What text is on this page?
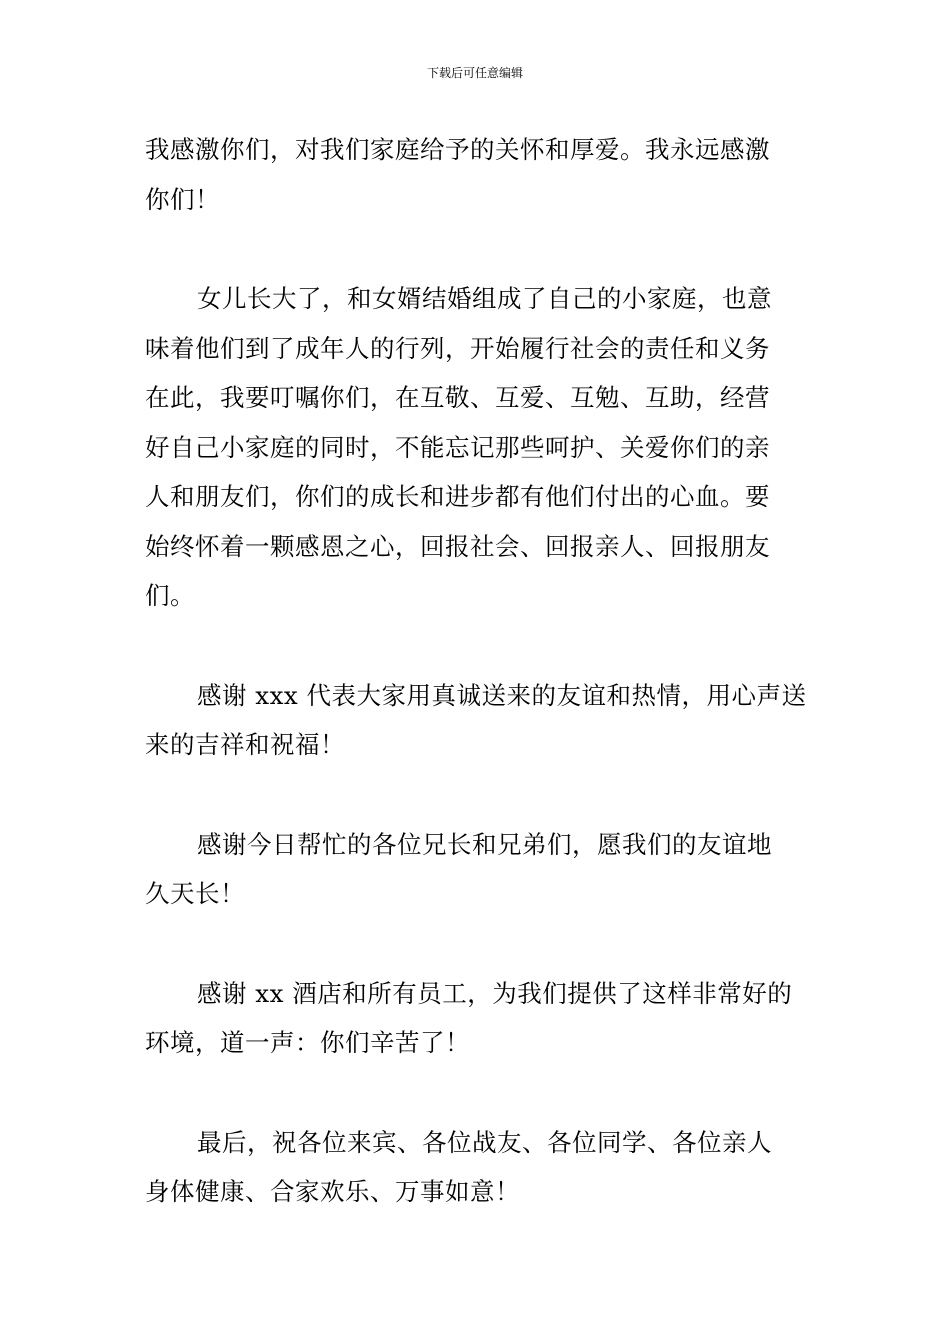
下载后可任意编辑

我感激你们，对我们家庭给予的关怀和厚爱。我永远感激
你们！

女儿长大了，和女婿结婚组成了自己的小家庭，也意
味着他们到了成年人的行列，开始履行社会的责任和义务
在此，我要叮嘱你们，在互敬、互爱、互勉、互助，经营
好自己小家庭的同时，不能忘记那些呵护、关爱你们的亲
人和朋友们，你们的成长和进步都有他们付出的心血。要
始终怀着一颗感恩之心，回报社会、回报亲人、回报朋友
们。

感谢 xxx 代表大家用真诚送来的友谊和热情，用心声送
来的吉祥和祝福！

感谢今日帮忙的各位兄长和兄弟们，愿我们的友谊地
久天长！

感谢 xx 酒店和所有员工，为我们提供了这样非常好的
环境，道一声：你们辛苦了！

最后，祝各位来宾、各位战友、各位同学、各位亲人
身体健康、合家欢乐、万事如意！
